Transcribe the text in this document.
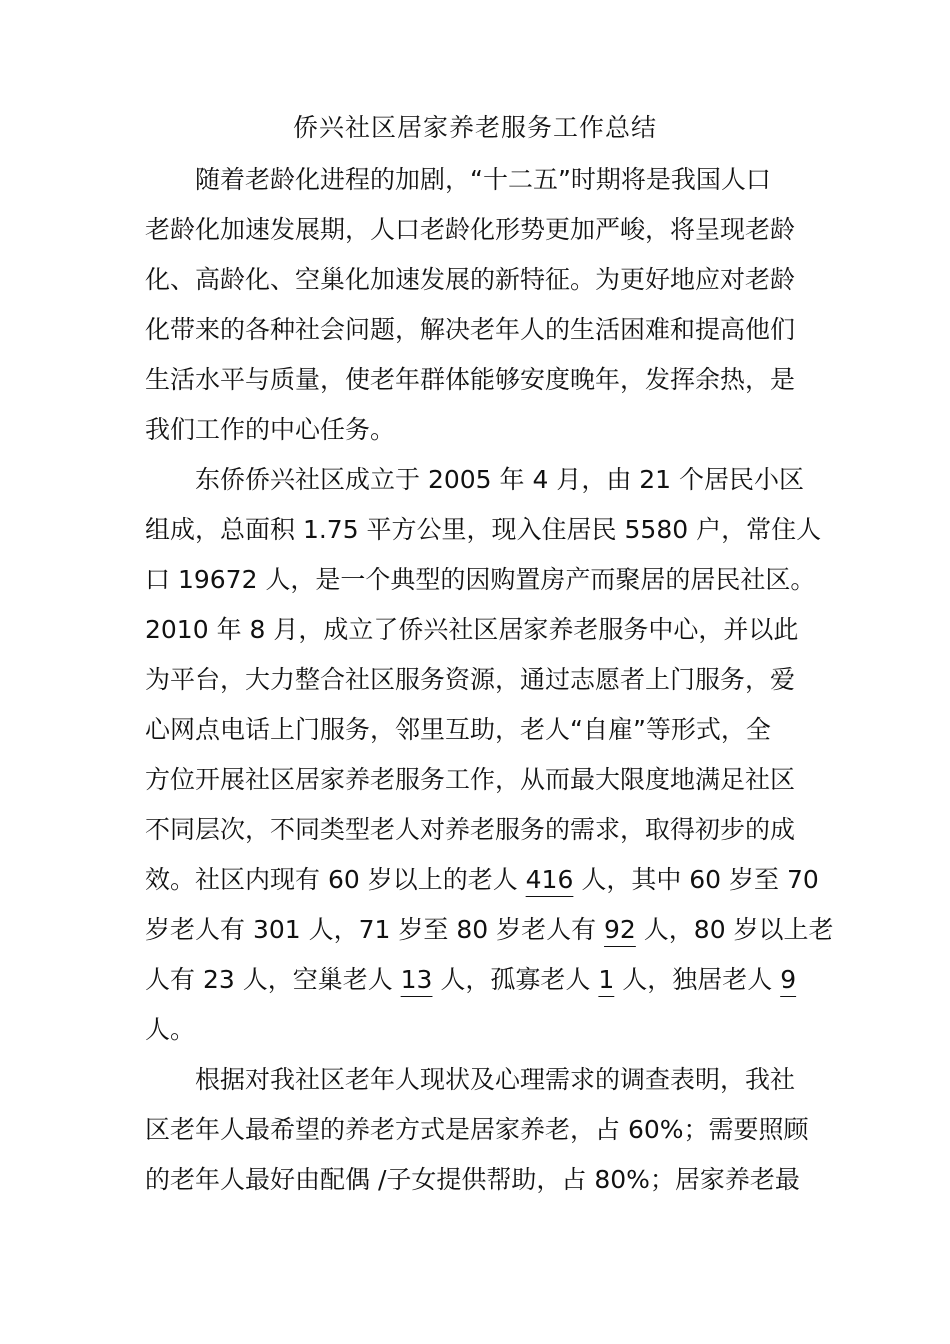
侨兴社区居家养老服务工作总结
随着老龄化进程的加剧，“十二五”时期将是我国人口
老龄化加速发展期，人口老龄化形势更加严峻，将呈现老龄
化、高龄化、空巢化加速发展的新特征。为更好地应对老龄
化带来的各种社会问题，解决老年人的生活困难和提高他们
生活水平与质量，使老年群体能够安度晚年，发挥余热，是
我们工作的中心任务。
东侨侨兴社区成立于 2005 年 4 月，由 21 个居民小区
组成，总面积 1.75 平方公里，现入住居民 5580 户，常住人
口 19672 人，是一个典型的因购置房产而聚居的居民社区。
2010 年 8 月，成立了侨兴社区居家养老服务中心，并以此
为平台，大力整合社区服务资源，通过志愿者上门服务，爱
心网点电话上门服务，邻里互助，老人“自雇”等形式，全
方位开展社区居家养老服务工作，从而最大限度地满足社区
不同层次，不同类型老人对养老服务的需求，取得初步的成
效。社区内现有 60 岁以上的老人 416 人，其中 60 岁至 70
岁老人有 301 人，71 岁至 80 岁老人有 92 人，80 岁以上老
人有 23 人，空巢老人 13 人，孤寡老人 1 人，独居老人 9
人。
根据对我社区老年人现状及心理需求的调查表明，我社
区老年人最希望的养老方式是居家养老，占 60%；需要照顾
的老年人最好由配偶 /子女提供帮助，占 80%；居家养老最
